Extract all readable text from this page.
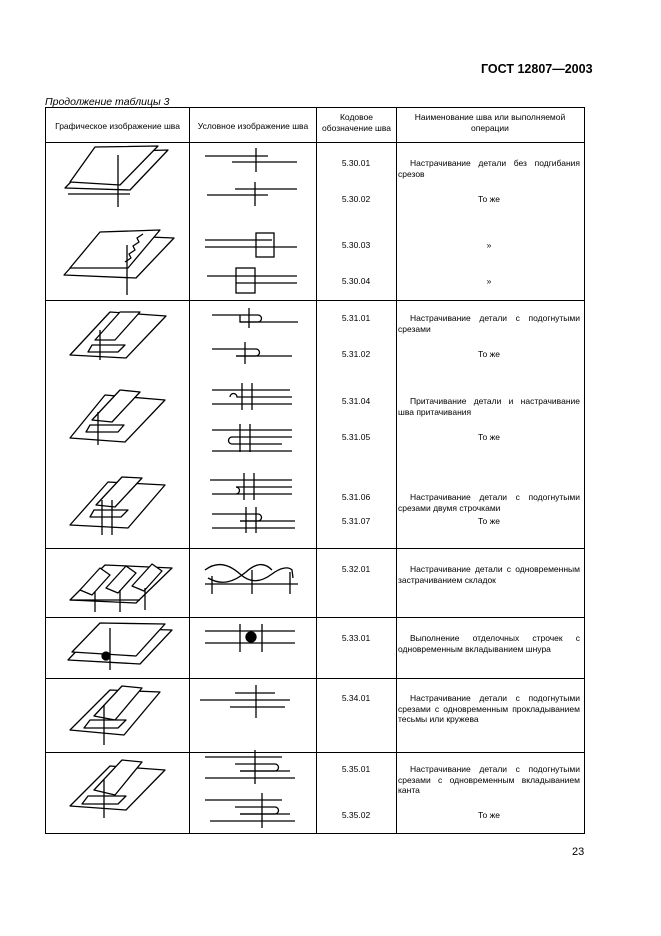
ГОСТ 12807—2003
Продолжение таблицы 3
Графическое изображение шва	Условное изображение шва
Кодовое обозначение шва
Наименование шва или выполняемой операции
5.30.01
5.30.02
5.30.03
5.30.04
5.31.01
5.31.02
5.31.04
5.31.05
5.31.06
5.31.07
5.32.01
5.33.01
5.34.01
5.35.01
5.35.02
Настрачивание детали без подгибания срезов
То же
»
»
Настрачивание детали с подогнутыми срезами
То же
Притачивание детали и настрачивание шва притачивания
То же
Настрачивание детали с подогнутыми срезами двумя строчками
То же
Настрачивание детали с одновременным застрачиванием складок
Выполнение отделочных строчек с одновременным вкладыванием шнура
Настрачивание детали с подогнутыми срезами с одновременным прокладыванием тесьмы или кружева
Настрачивание детали с подогнутыми срезами с одновременным вкладыванием канта
То же
23
